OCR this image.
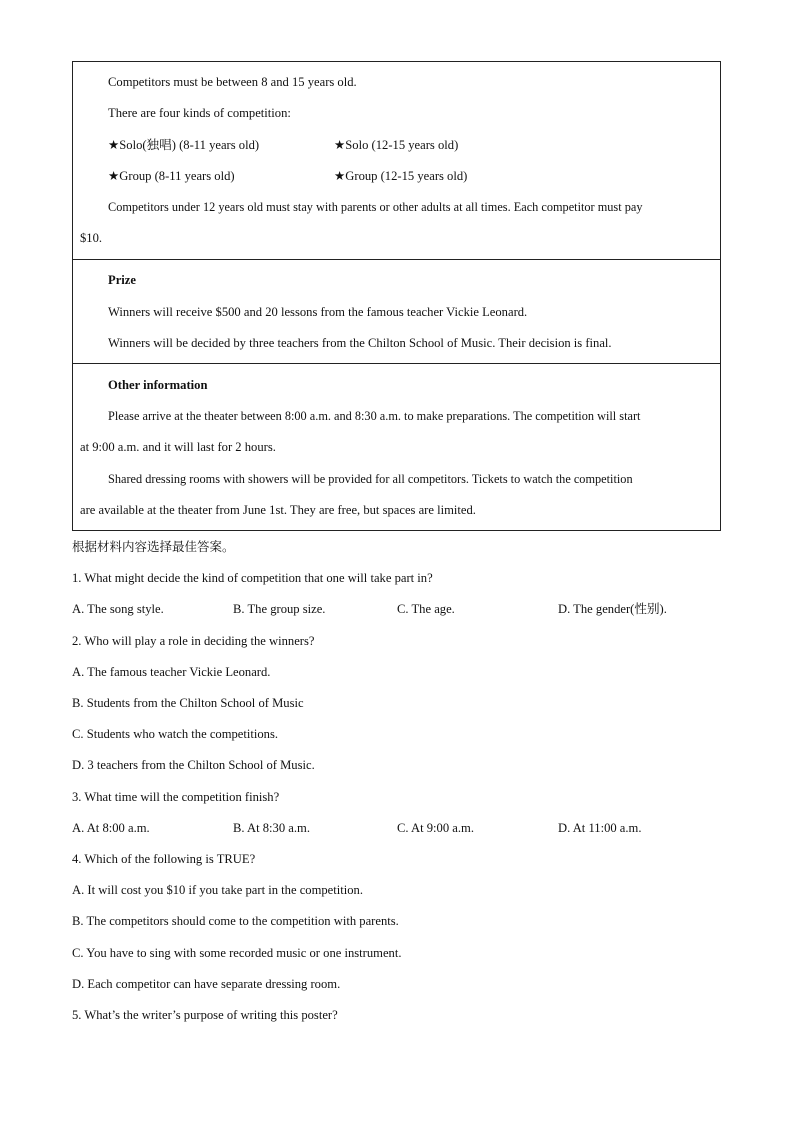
Competitors must be between 8 and 15 years old.
There are four kinds of competition:
★Solo(独唱) (8-11 years old)	★Solo (12-15 years old)
★Group (8-11 years old)	★Group (12-15 years old)
Competitors under 12 years old must stay with parents or other adults at all times. Each competitor must pay
$10.
Prize
Winners will receive $500 and 20 lessons from the famous teacher Vickie Leonard.
Winners will be decided by three teachers from the Chilton School of Music. Their decision is final.
Other information
Please arrive at the theater between 8:00 a.m. and 8:30 a.m. to make preparations. The competition will start
at 9:00 a.m. and it will last for 2 hours.
Shared dressing rooms with showers will be provided for all competitors. Tickets to watch the competition
are available at the theater from June 1st. They are free, but spaces are limited.
根据材料内容选择最佳答案。
1. What might decide the kind of competition that one will take part in?
A. The song style.	B. The group size.	C. The age.	D. The gender(性别).
2. Who will play a role in deciding the winners?
A. The famous teacher Vickie Leonard.
B. Students from the Chilton School of Music
C. Students who watch the competitions.
D. 3 teachers from the Chilton School of Music.
3. What time will the competition finish?
A. At 8:00 a.m.	B. At 8:30 a.m.	C. At 9:00 a.m.	D. At 11:00 a.m.
4. Which of the following is TRUE?
A. It will cost you $10 if you take part in the competition.
B. The competitors should come to the competition with parents.
C. You have to sing with some recorded music or one instrument.
D. Each competitor can have separate dressing room.
5. What’s the writer’s purpose of writing this poster?
